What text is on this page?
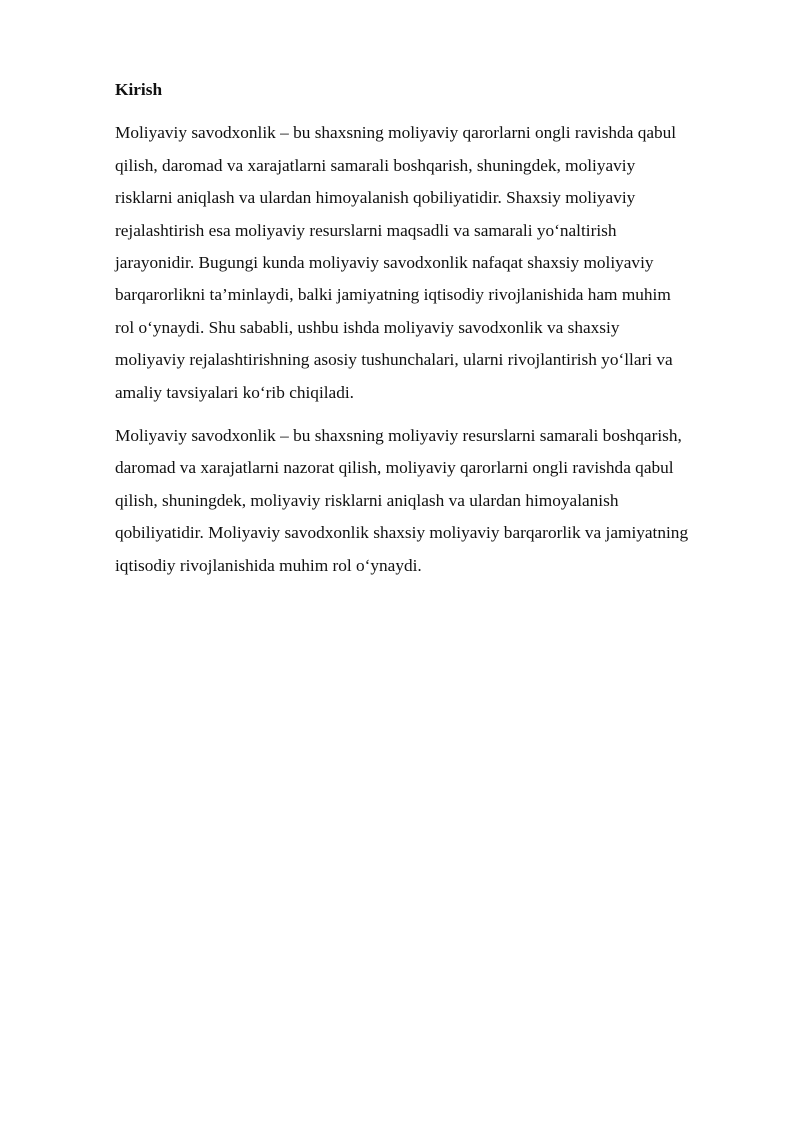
Kirish
Moliyaviy savodxonlik – bu shaxsning moliyaviy qarorlarni ongli ravishda qabul
qilish, daromad va xarajatlarni samarali boshqarish, shuningdek, moliyaviy
risklarni aniqlash va ulardan himoyalanish qobiliyatidir. Shaxsiy moliyaviy
rejalashtirish esa moliyaviy resurslarni maqsadli va samarali yo‘naltirish
jarayonidir. Bugungi kunda moliyaviy savodxonlik nafaqat shaxsiy moliyaviy
barqarorlikni ta’minlaydi, balki jamiyatning iqtisodiy rivojlanishida ham muhim
rol o‘ynaydi. Shu sababli, ushbu ishda moliyaviy savodxonlik va shaxsiy
moliyaviy rejalashtirishning asosiy tushunchalari, ularni rivojlantirish yo‘llari va
amaliy tavsiyalari ko‘rib chiqiladi.
Moliyaviy savodxonlik – bu shaxsning moliyaviy resurslarni samarali boshqarish,
daromad va xarajatlarni nazorat qilish, moliyaviy qarorlarni ongli ravishda qabul
qilish, shuningdek, moliyaviy risklarni aniqlash va ulardan himoyalanish
qobiliyatidir. Moliyaviy savodxonlik shaxsiy moliyaviy barqarorlik va jamiyatning
iqtisodiy rivojlanishida muhim rol o‘ynaydi.
